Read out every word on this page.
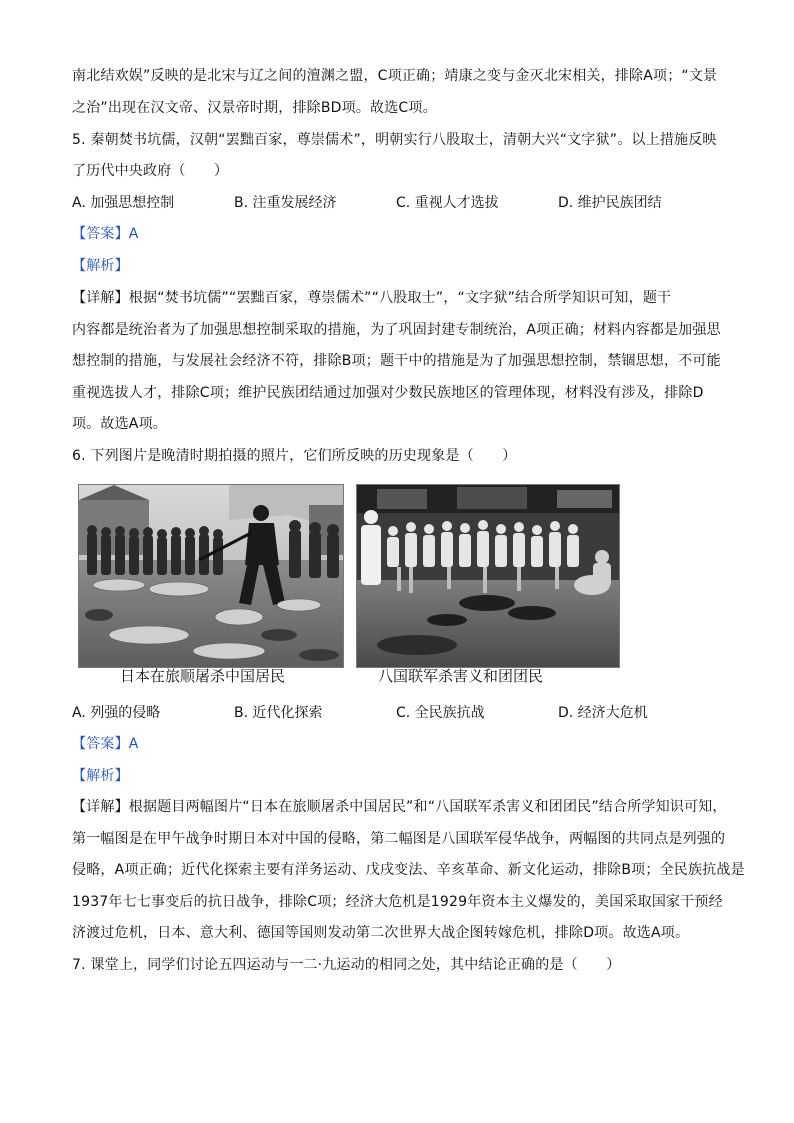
南北结欢娱”反映的是北宋与辽之间的澶渊之盟，C项正确；靖康之变与金灭北宋相关，排除A项；“文景
之治”出现在汉文帝、汉景帝时期，排除BD项。故选C项。
5. 秦朝焚书坑儒，汉朝“罢黜百家，尊崇儒术”，明朝实行八股取士，清朝大兴“文字狱”。以上措施反映
了历代中央政府（　　）
A. 加强思想控制	B. 注重发展经济	C. 重视人才选拔	D. 维护民族团结
【答案】A
【解析】
【详解】根据“焚书坑儒”“罢黜百家，尊崇儒术”“八股取士”，“文字狱”结合所学知识可知，题干
内容都是统治者为了加强思想控制采取的措施，为了巩固封建专制统治，A项正确；材料内容都是加强思
想控制的措施，与发展社会经济不符，排除B项；题干中的措施是为了加强思想控制，禁锢思想，不可能
重视选拔人才，排除C项；维护民族团结通过加强对少数民族地区的管理体现，材料没有涉及，排除D
项。故选A项。
6. 下列图片是晚清时期拍摄的照片，它们所反映的历史现象是（　　）
日本在旅顺屠杀中国居民	八国联军杀害义和团团民
A. 列强的侵略	B. 近代化探索	C. 全民族抗战	D. 经济大危机
【答案】A
【解析】
【详解】根据题目两幅图片“日本在旅顺屠杀中国居民”和“八国联军杀害义和团团民”结合所学知识可知，
第一幅图是在甲午战争时期日本对中国的侵略，第二幅图是八国联军侵华战争，两幅图的共同点是列强的
侵略，A项正确；近代化探索主要有洋务运动、戊戌变法、辛亥革命、新文化运动，排除B项；全民族抗战是
1937年七七事变后的抗日战争，排除C项；经济大危机是1929年资本主义爆发的，美国采取国家干预经
济渡过危机，日本、意大利、德国等国则发动第二次世界大战企图转嫁危机，排除D项。故选A项。
7. 课堂上，同学们讨论五四运动与一二·九运动的相同之处，其中结论正确的是（　　）
